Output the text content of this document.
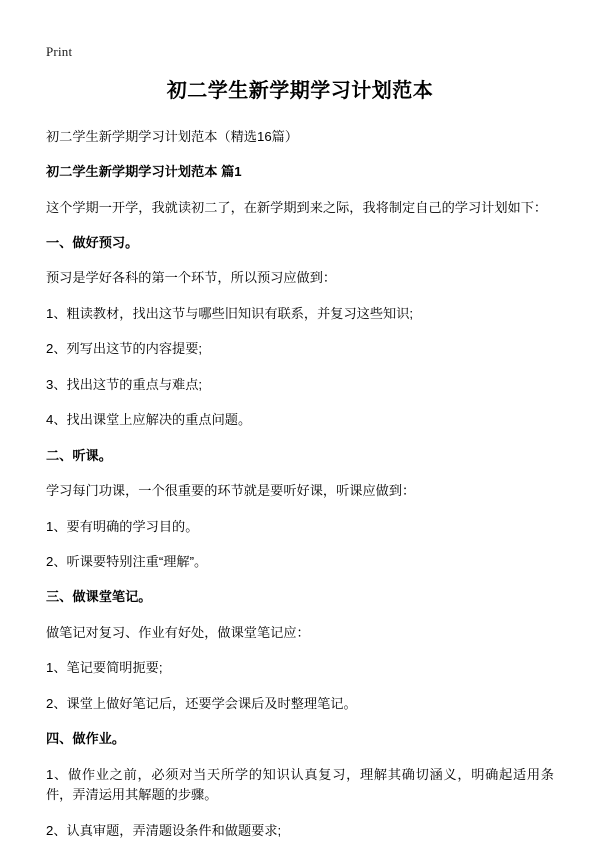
Print
初二学生新学期学习计划范本

初二学生新学期学习计划范本（精选16篇）

初二学生新学期学习计划范本 篇1

这个学期一开学，我就读初二了，在新学期到来之际，我将制定自己的学习计划如下：

一、做好预习。

预习是学好各科的第一个环节，所以预习应做到：

1、粗读教材，找出这节与哪些旧知识有联系，并复习这些知识;

2、列写出这节的内容提要;

3、找出这节的重点与难点;

4、找出课堂上应解决的重点问题。

二、听课。

学习每门功课，一个很重要的环节就是要听好课，听课应做到：

1、要有明确的学习目的。

2、听课要特别注重“理解”。

三、做课堂笔记。

做笔记对复习、作业有好处，做课堂笔记应：

1、笔记要简明扼要;

2、课堂上做好笔记后，还要学会课后及时整理笔记。

四、做作业。

1、做作业之前，必须对当天所学的知识认真复习，理解其确切涵义，明确起适用条件，弄清运用其解题的步骤。

2、认真审题，弄清题设条件和做题要求;
